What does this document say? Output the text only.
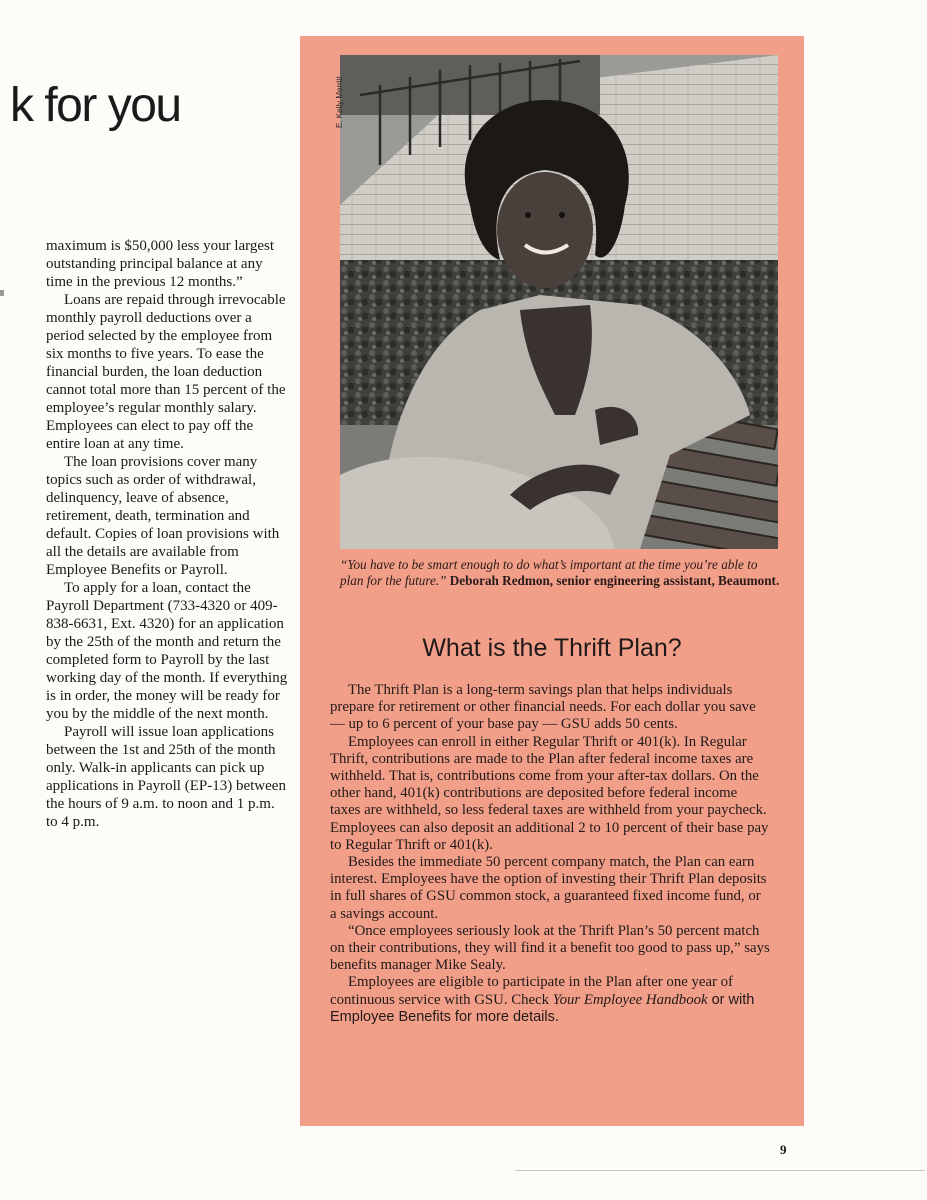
k for you

maximum is $50,000 less your largest outstanding principal balance at any time in the previous 12 months.”

Loans are repaid through irrevocable monthly payroll deductions over a period selected by the employee from six months to five years. To ease the financial burden, the loan deduction cannot total more than 15 percent of the employee’s regular monthly salary. Employees can elect to pay off the entire loan at any time.

The loan provisions cover many topics such as order of withdrawal, delinquency, leave of absence, retirement, death, termination and default. Copies of loan provisions with all the details are available from Employee Benefits or Payroll.

To apply for a loan, contact the Payroll Department (733-4320 or 409-838-6631, Ext. 4320) for an application by the 25th of the month and return the completed form to Payroll by the last working day of the month. If everything is in order, the money will be ready for you by the middle of the next month.

Payroll will issue loan applications between the 1st and 25th of the month only. Walk-in applicants can pick up applications in Payroll (EP-13) between the hours of 9 a.m. to noon and 1 p.m. to 4 p.m.

E. Kelly Merritt
“You have to be smart enough to do what’s important at the time you’re able to plan for the future.” Deborah Redmon, senior engineering assistant, Beaumont.
What is the Thrift Plan?

The Thrift Plan is a long-term savings plan that helps individuals prepare for retirement or other financial needs. For each dollar you save — up to 6 percent of your base pay — GSU adds 50 cents.

Employees can enroll in either Regular Thrift or 401(k). In Regular Thrift, contributions are made to the Plan after federal income taxes are withheld. That is, contributions come from your after-tax dollars. On the other hand, 401(k) contributions are deposited before federal income taxes are withheld, so less federal taxes are withheld from your paycheck. Employees can also deposit an additional 2 to 10 percent of their base pay to Regular Thrift or 401(k).

Besides the immediate 50 percent company match, the Plan can earn interest. Employees have the option of investing their Thrift Plan deposits in full shares of GSU common stock, a guaranteed fixed income fund, or a savings account.

“Once employees seriously look at the Thrift Plan’s 50 percent match on their contributions, they will find it a benefit too good to pass up,” says benefits manager Mike Sealy.

Employees are eligible to participate in the Plan after one year of continuous service with GSU. Check Your Employee Handbook or with Employee Benefits for more details.

9
